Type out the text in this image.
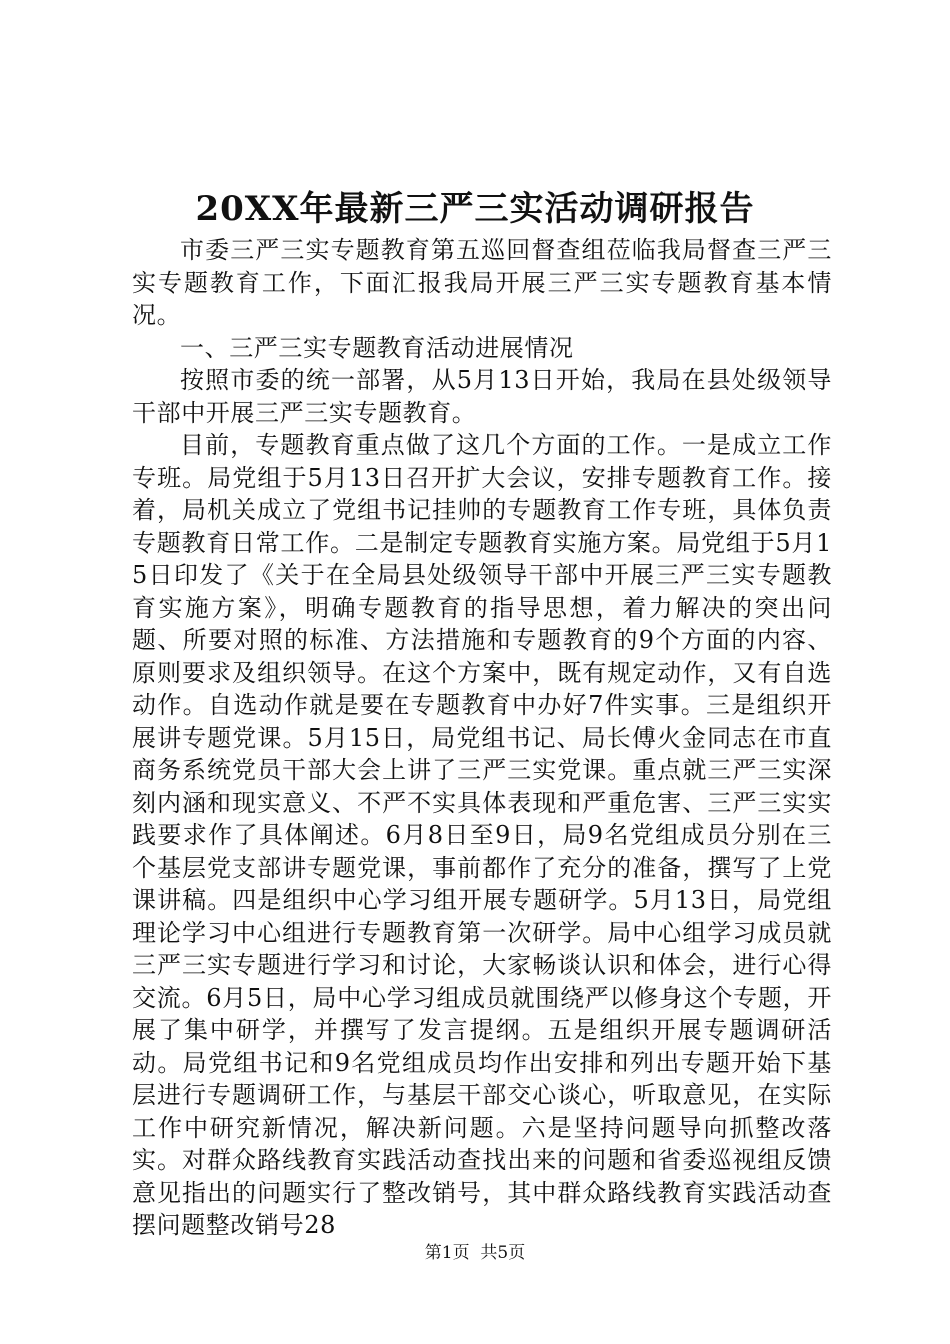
20XX年最新三严三实活动调研报告

市委三严三实专题教育第五巡回督查组莅临我局督查三严三实专题教育工作，下面汇报我局开展三严三实专题教育基本情况。

一、三严三实专题教育活动进展情况

按照市委的统一部署，从5月13日开始，我局在县处级领导干部中开展三严三实专题教育。

目前，专题教育重点做了这几个方面的工作。一是成立工作专班。局党组于5月13日召开扩大会议，安排专题教育工作。接着，局机关成立了党组书记挂帅的专题教育工作专班，具体负责专题教育日常工作。二是制定专题教育实施方案。局党组于5月15日印发了《关于在全局县处级领导干部中开展三严三实专题教育实施方案》，明确专题教育的指导思想，着力解决的突出问题、所要对照的标准、方法措施和专题教育的9个方面的内容、原则要求及组织领导。在这个方案中，既有规定动作，又有自选动作。自选动作就是要在专题教育中办好7件实事。三是组织开展讲专题党课。5月15日，局党组书记、局长傅火金同志在市直商务系统党员干部大会上讲了三严三实党课。重点就三严三实深刻内涵和现实意义、不严不实具体表现和严重危害、三严三实实践要求作了具体阐述。6月8日至9日，局9名党组成员分别在三个基层党支部讲专题党课，事前都作了充分的准备，撰写了上党课讲稿。四是组织中心学习组开展专题研学。5月13日，局党组理论学习中心组进行专题教育第一次研学。局中心组学习成员就三严三实专题进行学习和讨论，大家畅谈认识和体会，进行心得交流。6月5日，局中心学习组成员就围绕严以修身这个专题，开展了集中研学，并撰写了发言提纲。五是组织开展专题调研活动。局党组书记和9名党组成员均作出安排和列出专题开始下基层进行专题调研工作，与基层干部交心谈心，听取意见，在实际工作中研究新情况，解决新问题。六是坚持问题导向抓整改落实。对群众路线教育实践活动查找出来的问题和省委巡视组反馈意见指出的问题实行了整改销号，其中群众路线教育实践活动查摆问题整改销号28

第1页  共5页
